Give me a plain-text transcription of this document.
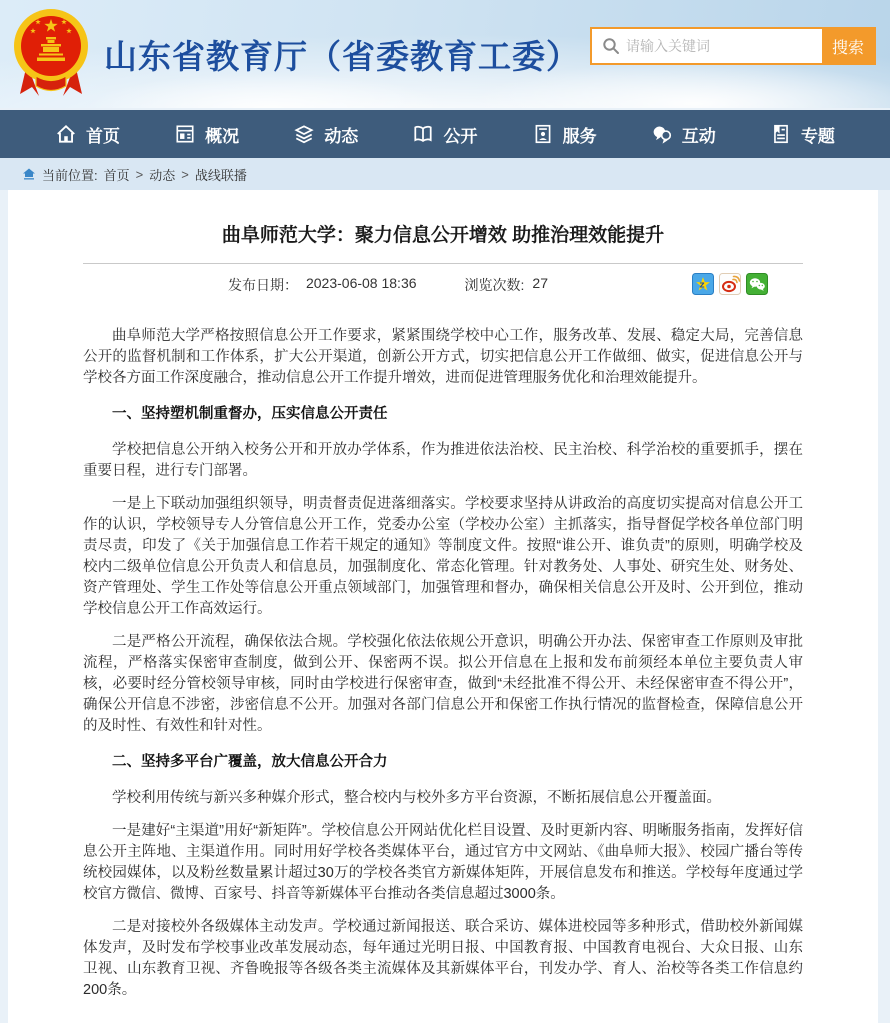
山东省教育厅（省委教育工委）
请输入关键词	搜索
首页	概况	动态	公开	服务	互动	专题
当前位置: 首页 > 动态 > 战线联播
曲阜师范大学：聚力信息公开增效 助推治理效能提升
发布日期： 2023-06-08 18:36	浏览次数: 27	Z

曲阜师范大学严格按照信息公开工作要求，紧紧围绕学校中心工作，服务改革、发展、稳定大局，完善信息公开的监督机制和工作体系，扩大公开渠道，创新公开方式，切实把信息公开工作做细、做实，促进信息公开与学校各方面工作深度融合，推动信息公开工作提升增效，进而促进管理服务优化和治理效能提升。

一、坚持塑机制重督办，压实信息公开责任

学校把信息公开纳入校务公开和开放办学体系，作为推进依法治校、民主治校、科学治校的重要抓手，摆在重要日程，进行专门部署。

一是上下联动加强组织领导，明责督责促进落细落实。学校要求坚持从讲政治的高度切实提高对信息公开工作的认识，学校领导专人分管信息公开工作，党委办公室（学校办公室）主抓落实，指导督促学校各单位部门明责尽责，印发了《关于加强信息工作若干规定的通知》等制度文件。按照“谁公开、谁负责”的原则，明确学校及校内二级单位信息公开负责人和信息员，加强制度化、常态化管理。针对教务处、人事处、研究生处、财务处、资产管理处、学生工作处等信息公开重点领域部门，加强管理和督办，确保相关信息公开及时、公开到位，推动学校信息公开工作高效运行。

二是严格公开流程，确保依法合规。学校强化依法依规公开意识，明确公开办法、保密审查工作原则及审批流程，严格落实保密审查制度，做到公开、保密两不误。拟公开信息在上报和发布前须经本单位主要负责人审核，必要时经分管校领导审核，同时由学校进行保密审查，做到“未经批准不得公开、未经保密审查不得公开”，确保公开信息不涉密，涉密信息不公开。加强对各部门信息公开和保密工作执行情况的监督检查，保障信息公开的及时性、有效性和针对性。

二、坚持多平台广覆盖，放大信息公开合力

学校利用传统与新兴多种媒介形式，整合校内与校外多方平台资源，不断拓展信息公开覆盖面。

一是建好“主渠道”用好“新矩阵”。学校信息公开网站优化栏目设置、及时更新内容、明晰服务指南，发挥好信息公开主阵地、主渠道作用。同时用好学校各类媒体平台，通过官方中文网站、《曲阜师大报》、校园广播台等传统校园媒体，以及粉丝数量累计超过30万的学校各类官方新媒体矩阵，开展信息发布和推送。学校每年度通过学校官方微信、微博、百家号、抖音等新媒体平台推动各类信息超过3000条。

二是对接校外各级媒体主动发声。学校通过新闻报送、联合采访、媒体进校园等多种形式，借助校外新闻媒体发声，及时发布学校事业改革发展动态，每年通过光明日报、中国教育报、中国教育电视台、大众日报、山东卫视、山东教育卫视、齐鲁晚报等各级各类主流媒体及其新媒体平台，刊发办学、育人、治校等各类工作信息约200条。
